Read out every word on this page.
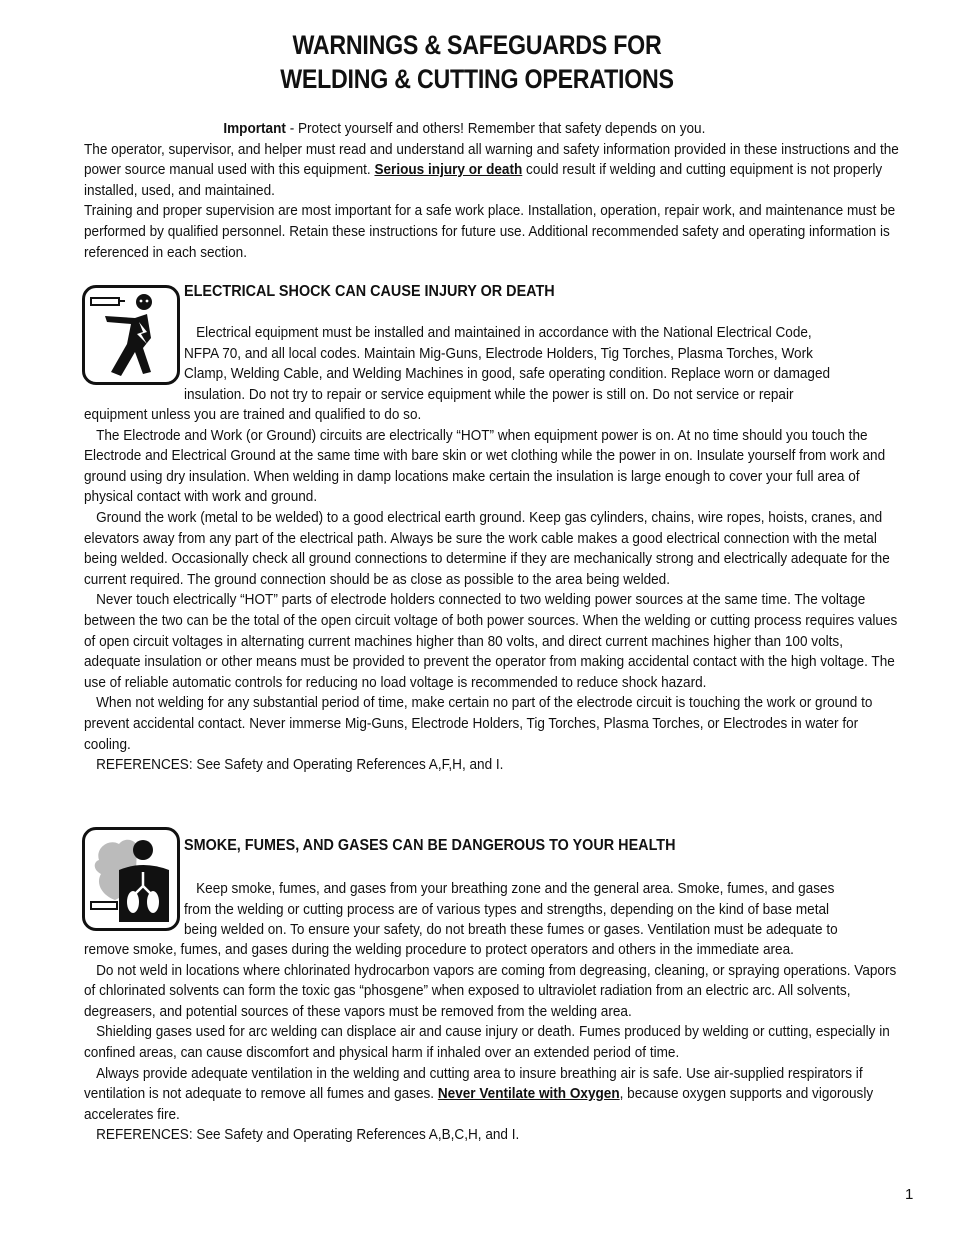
WARNINGS & SAFEGUARDS FOR
WELDING & CUTTING OPERATIONS

Important - Protect yourself and others! Remember that safety depends on you.

The operator, supervisor, and helper must read and understand all warning and safety information provided in these instructions and the power source manual used with this equipment. Serious injury or death could result if welding and cutting equipment is not properly installed, used, and maintained.

Training and proper supervision are most important for a safe work place. Installation, operation, repair work, and maintenance must be performed by qualified personnel. Retain these instructions for future use. Additional recommended safety and operating information is referenced in each section.

ELECTRICAL SHOCK CAN CAUSE INJURY OR DEATH
Electrical equipment must be installed and maintained in accordance with the National Electrical Code,
NFPA 70, and all local codes. Maintain Mig-Guns, Electrode Holders, Tig Torches, Plasma Torches, Work
Clamp, Welding Cable, and Welding Machines in good, safe operating condition. Replace worn or damaged
insulation. Do not try to repair or service equipment while the power is still on. Do not service or repair

equipment unless you are trained and qualified to do so.

The Electrode and Work (or Ground) circuits are electrically “HOT” when equipment power is on. At no time should you touch the Electrode and Electrical Ground at the same time with bare skin or wet clothing while the power in on. Insulate yourself from work and ground using dry insulation. When welding in damp locations make certain the insulation is large enough to cover your full area of physical contact with work and ground.

Ground the work (metal to be welded) to a good electrical earth ground. Keep gas cylinders, chains, wire ropes, hoists, cranes, and elevators away from any part of the electrical path. Always be sure the work cable makes a good electrical connection with the metal being welded. Occasionally check all ground connections to determine if they are mechanically strong and electrically adequate for the current required. The ground connection should be as close as possible to the area being welded.

Never touch electrically “HOT” parts of electrode holders connected to two welding power sources at the same time. The voltage between the two can be the total of the open circuit voltage of both power sources. When the welding or cutting process requires values of open circuit voltages in alternating current machines higher than 80 volts, and direct current machines higher than 100 volts, adequate insulation or other means must be provided to prevent the operator from making accidental contact with the high voltage. The use of reliable automatic controls for reducing no load voltage is recommended to reduce shock hazard.

When not welding for any substantial period of time, make certain no part of the electrode circuit is touching the work or ground to prevent accidental contact. Never immerse Mig-Guns, Electrode Holders, Tig Torches, Plasma Torches, or Electrodes in water for cooling.

REFERENCES: See Safety and Operating References A,F,H, and I.

SMOKE, FUMES, AND GASES CAN BE DANGEROUS TO YOUR HEALTH
Keep smoke, fumes, and gases from your breathing zone and the general area. Smoke, fumes, and gases
from the welding or cutting process are of various types and strengths, depending on the kind of base metal
being welded on. To ensure your safety, do not breath these fumes or gases. Ventilation must be adequate to

remove smoke, fumes, and gases during the welding procedure to protect operators and others in the immediate area.

Do not weld in locations where chlorinated hydrocarbon vapors are coming from degreasing, cleaning, or spraying operations. Vapors of chlorinated solvents can form the toxic gas “phosgene” when exposed to ultraviolet radiation from an electric arc. All solvents, degreasers, and potential sources of these vapors must be removed from the welding area.

Shielding gases used for arc welding can displace air and cause injury or death. Fumes produced by welding or cutting, especially in confined areas, can cause discomfort and physical harm if inhaled over an extended period of time.

Always provide adequate ventilation in the welding and cutting area to insure breathing air is safe. Use air-supplied respirators if ventilation is not adequate to remove all fumes and gases. Never Ventilate with Oxygen, because oxygen supports and vigorously accelerates fire.

REFERENCES: See Safety and Operating References A,B,C,H, and I.

1
